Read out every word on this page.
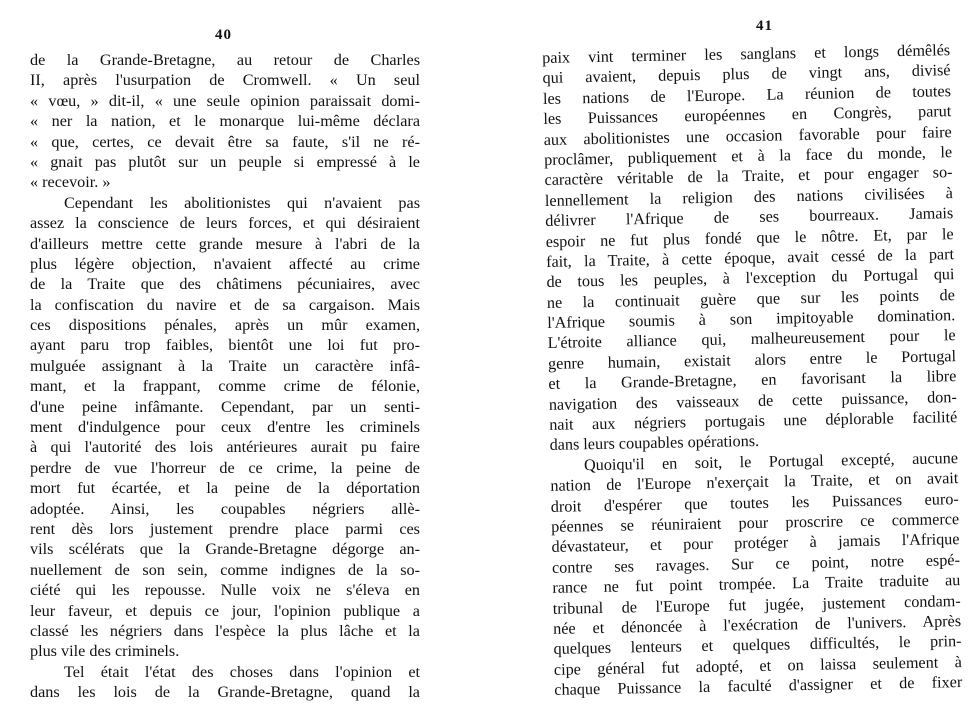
40
de la Grande-Bretagne, au retour de Charles
II, après l'usurpation de Cromwell. « Un seul
« vœu, » dit-il, « une seule opinion paraissait domi-
« ner la nation, et le monarque lui-même déclara
« que, certes, ce devait être sa faute, s'il ne ré-
« gnait pas plutôt sur un peuple si empressé à le
« recevoir. »
Cependant les abolitionistes qui n'avaient pas
assez la conscience de leurs forces, et qui désiraient
d'ailleurs mettre cette grande mesure à l'abri de la
plus légère objection, n'avaient affecté au crime
de la Traite que des châtimens pécuniaires, avec
la confiscation du navire et de sa cargaison. Mais
ces dispositions pénales, après un mûr examen,
ayant paru trop faibles, bientôt une loi fut pro-
mulguée assignant à la Traite un caractère infâ-
mant, et la frappant, comme crime de félonie,
d'une peine infâmante. Cependant, par un senti-
ment d'indulgence pour ceux d'entre les criminels
à qui l'autorité des lois antérieures aurait pu faire
perdre de vue l'horreur de ce crime, la peine de
mort fut écartée, et la peine de la déportation
adoptée. Ainsi, les coupables négriers allè-
rent dès lors justement prendre place parmi ces
vils scélérats que la Grande-Bretagne dégorge an-
nuellement de son sein, comme indignes de la so-
ciété qui les repousse. Nulle voix ne s'éleva en
leur faveur, et depuis ce jour, l'opinion publique a
classé les négriers dans l'espèce la plus lâche et la
plus vile des criminels.
Tel était l'état des choses dans l'opinion et
dans les lois de la Grande-Bretagne, quand la
41
paix vint terminer les sanglans et longs démêlés
qui avaient, depuis plus de vingt ans, divisé
les nations de l'Europe. La réunion de toutes
les Puissances européennes en Congrès, parut
aux abolitionistes une occasion favorable pour faire
proclâmer, publiquement et à la face du monde, le
caractère véritable de la Traite, et pour engager so-
lennellement la religion des nations civilisées à
délivrer l'Afrique de ses bourreaux. Jamais
espoir ne fut plus fondé que le nôtre. Et, par le
fait, la Traite, à cette époque, avait cessé de la part
de tous les peuples, à l'exception du Portugal qui
ne la continuait guère que sur les points de
l'Afrique soumis à son impitoyable domination.
L'étroite alliance qui, malheureusement pour le
genre humain, existait alors entre le Portugal
et la Grande-Bretagne, en favorisant la libre
navigation des vaisseaux de cette puissance, don-
nait aux négriers portugais une déplorable facilité
dans leurs coupables opérations.
Quoiqu'il en soit, le Portugal excepté, aucune
nation de l'Europe n'exerçait la Traite, et on avait
droit d'espérer que toutes les Puissances euro-
péennes se réuniraient pour proscrire ce commerce
dévastateur, et pour protéger à jamais l'Afrique
contre ses ravages. Sur ce point, notre espé-
rance ne fut point trompée. La Traite traduite au
tribunal de l'Europe fut jugée, justement condam-
née et dénoncée à l'exécration de l'univers. Après
quelques lenteurs et quelques difficultés, le prin-
cipe général fut adopté, et on laissa seulement à
chaque Puissance la faculté d'assigner et de fixer
